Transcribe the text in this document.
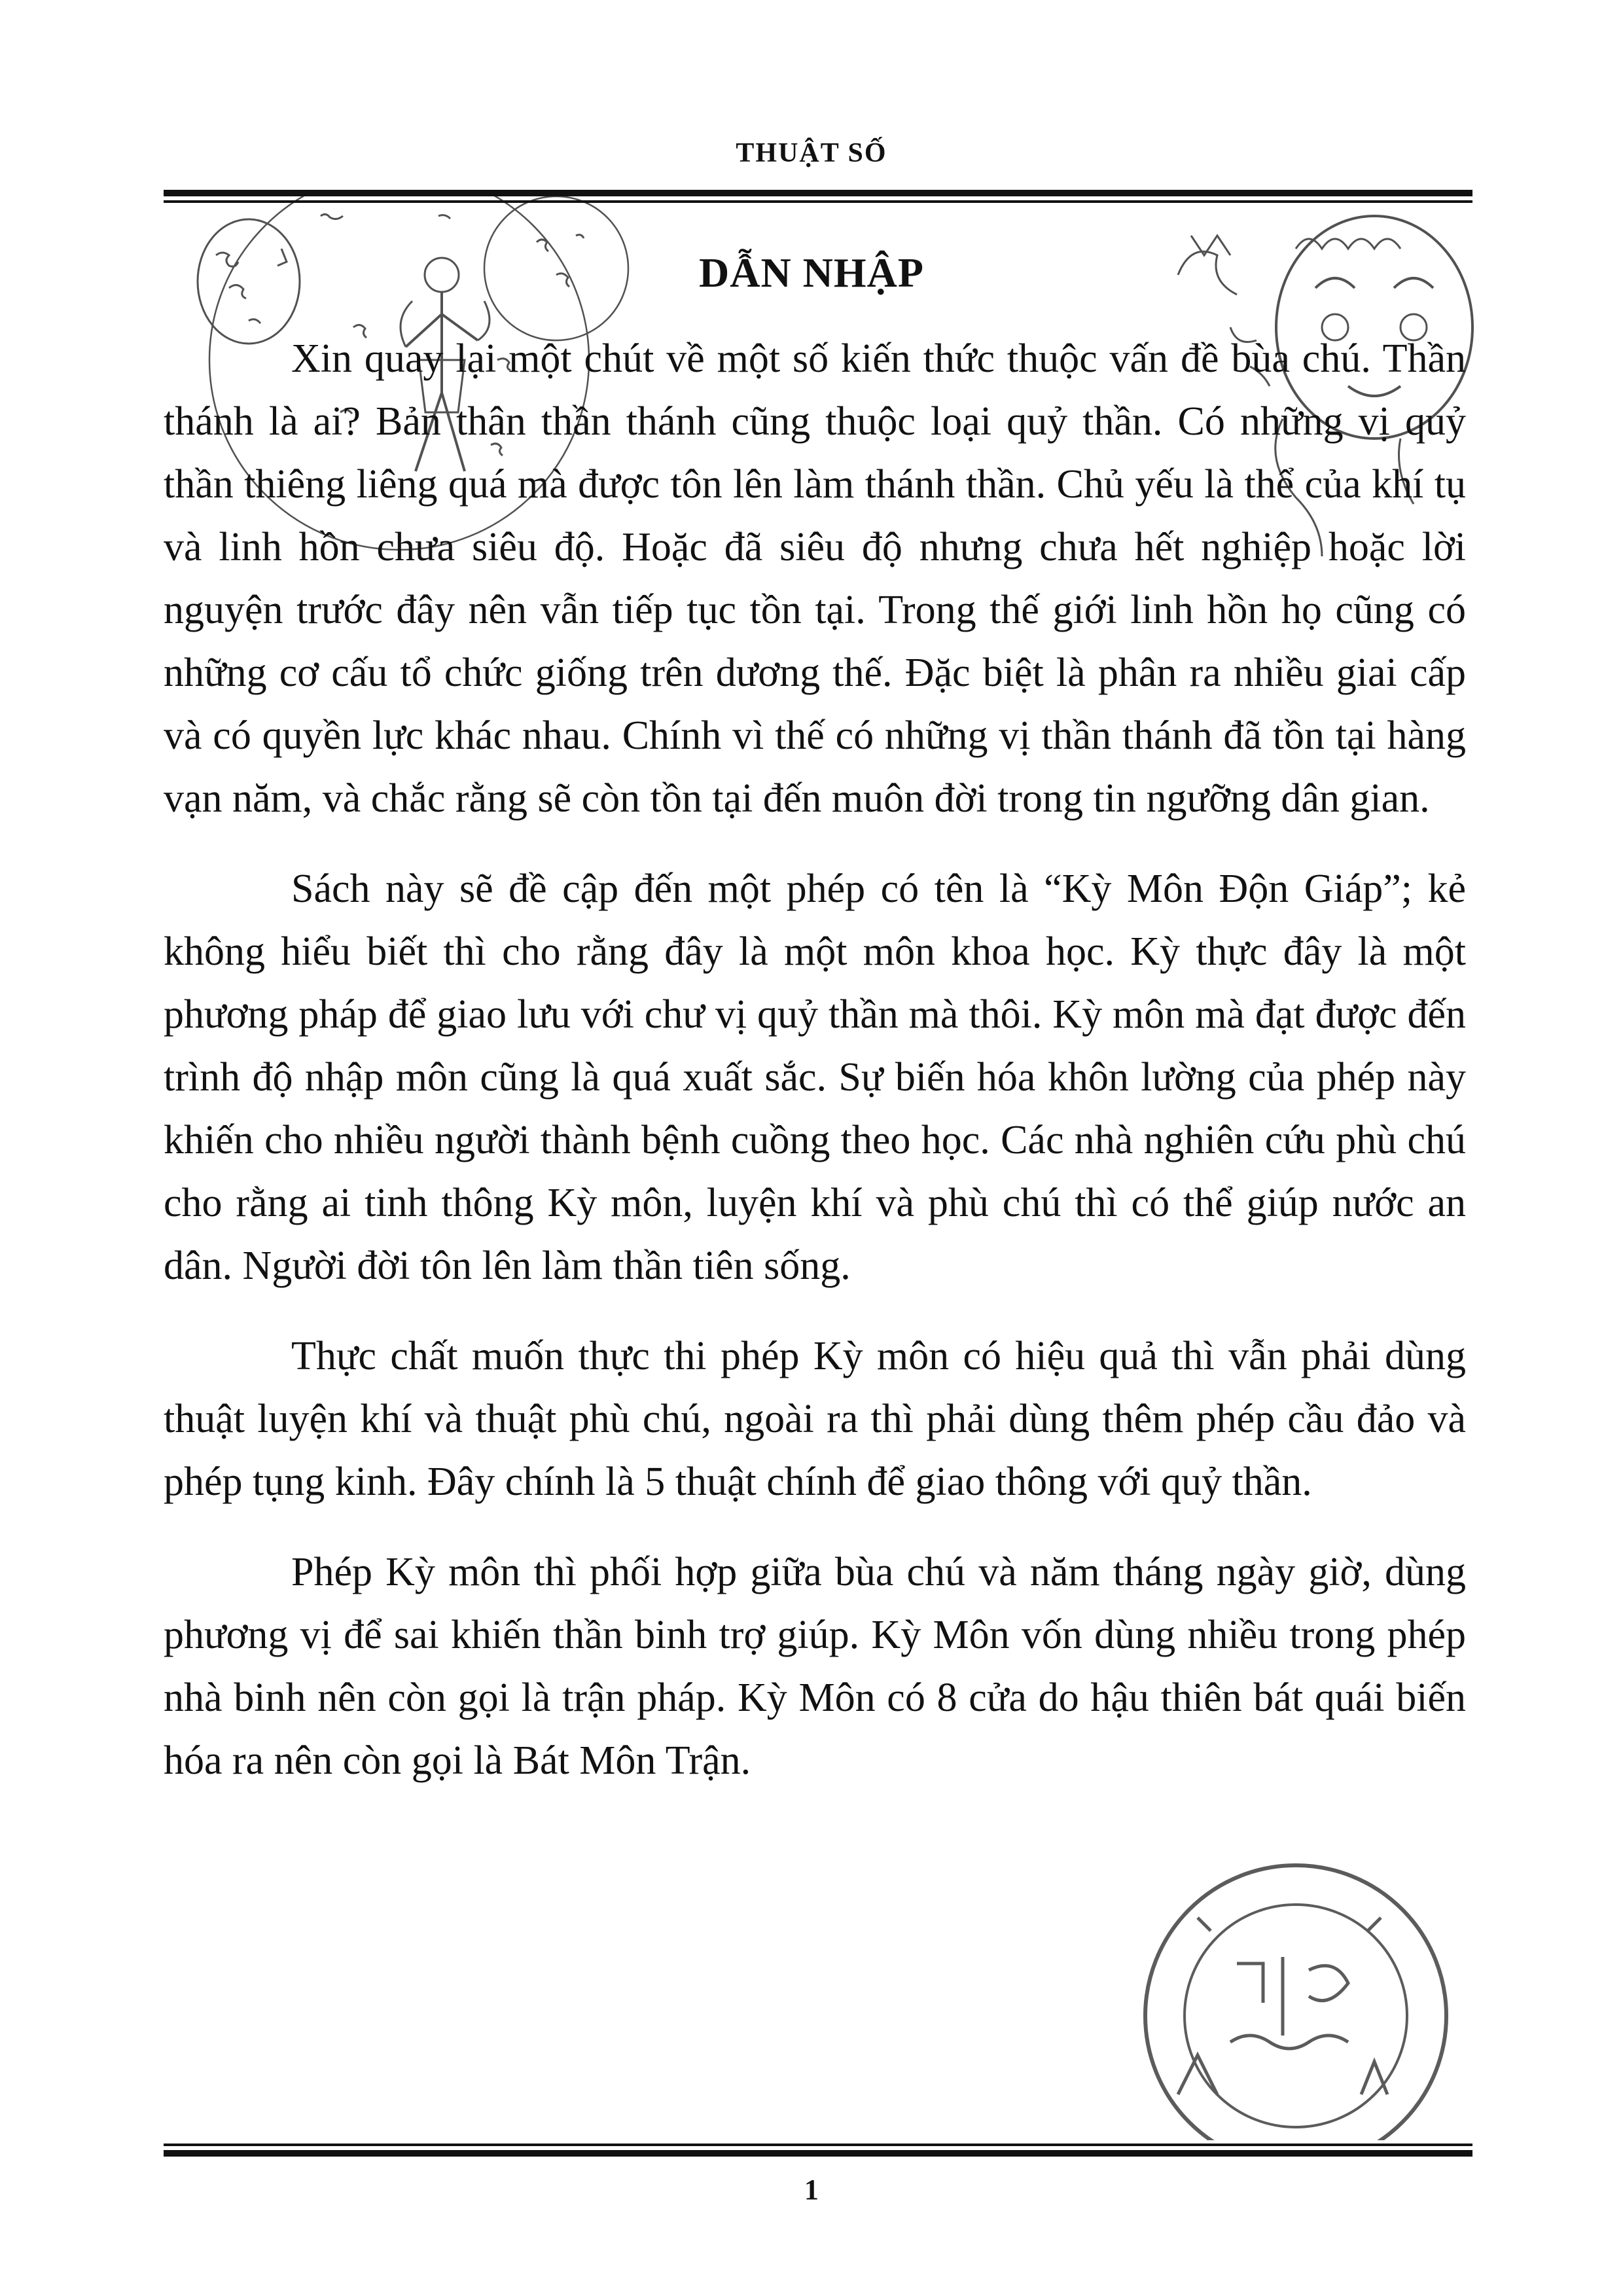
THUẬT SỐ
DẪN NHẬP

Xin quay lại một chút về một số kiến thức thuộc vấn đề bùa chú. Thần thánh là ai? Bản thân thần thánh cũng thuộc loại quỷ thần. Có những vị quỷ thần thiêng liêng quá mà được tôn lên làm thánh thần. Chủ yếu là thể của khí tụ và linh hồn chưa siêu độ. Hoặc đã siêu độ nhưng chưa hết nghiệp hoặc lời nguyện trước đây nên vẫn tiếp tục tồn tại. Trong thế giới linh hồn họ cũng có những cơ cấu tổ chức giống trên dương thế. Đặc biệt là phân ra nhiều giai cấp và có quyền lực khác nhau. Chính vì thế có những vị thần thánh đã tồn tại hàng vạn năm, và chắc rằng sẽ còn tồn tại đến muôn đời trong tin ngưỡng dân gian.

Sách này sẽ đề cập đến một phép có tên là “Kỳ Môn Độn Giáp”; kẻ không hiểu biết thì cho rằng đây là một môn khoa học. Kỳ thực đây là một phương pháp để giao lưu với chư vị quỷ thần mà thôi. Kỳ môn mà đạt được đến trình độ nhập môn cũng là quá xuất sắc. Sự biến hóa khôn lường của phép này khiến cho nhiều người thành bệnh cuồng theo học. Các nhà nghiên cứu phù chú cho rằng ai tinh thông Kỳ môn, luyện khí và phù chú thì có thể giúp nước an dân. Người đời tôn lên làm thần tiên sống.

Thực chất muốn thực thi phép Kỳ môn có hiệu quả thì vẫn phải dùng thuật luyện khí và thuật phù chú, ngoài ra thì phải dùng thêm phép cầu đảo và phép tụng kinh. Đây chính là 5 thuật chính để giao thông với quỷ thần.

Phép Kỳ môn thì phối hợp giữa bùa chú và năm tháng ngày giờ, dùng phương vị để sai khiến thần binh trợ giúp. Kỳ Môn vốn dùng nhiều trong phép nhà binh nên còn gọi là trận pháp. Kỳ Môn có 8 cửa do hậu thiên bát quái biến hóa ra nên còn gọi là Bát Môn Trận.

1
